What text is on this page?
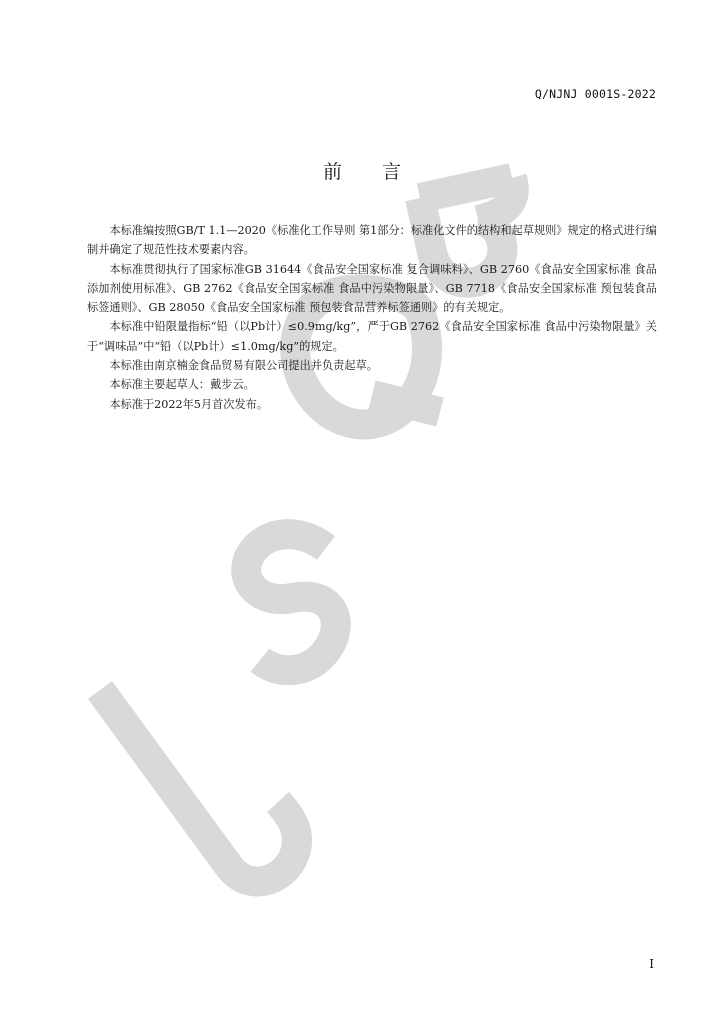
Q/NJNJ 0001S-2022
前言

本标准编按照GB/T 1.1—2020《标准化工作导则 第1部分：标准化文件的结构和起草规则》规定的格式进行编制并确定了规范性技术要素内容。

本标准贯彻执行了国家标准GB 31644《食品安全国家标准 复合调味料》、GB 2760《食品安全国家标准 食品添加剂使用标准》、GB 2762《食品安全国家标准 食品中污染物限量》、GB 7718《食品安全国家标准 预包装食品标签通则》、GB 28050《食品安全国家标准 预包装食品营养标签通则》的有关规定。

本标准中铅限量指标“铅（以Pb计）≤0.9mg/kg”，严于GB 2762《食品安全国家标准 食品中污染物限量》关于“调味品”中“铅（以Pb计）≤1.0mg/kg”的规定。

本标准由南京楠金食品贸易有限公司提出并负责起草。

本标准主要起草人：戴步云。

本标准于2022年5月首次发布。

I
